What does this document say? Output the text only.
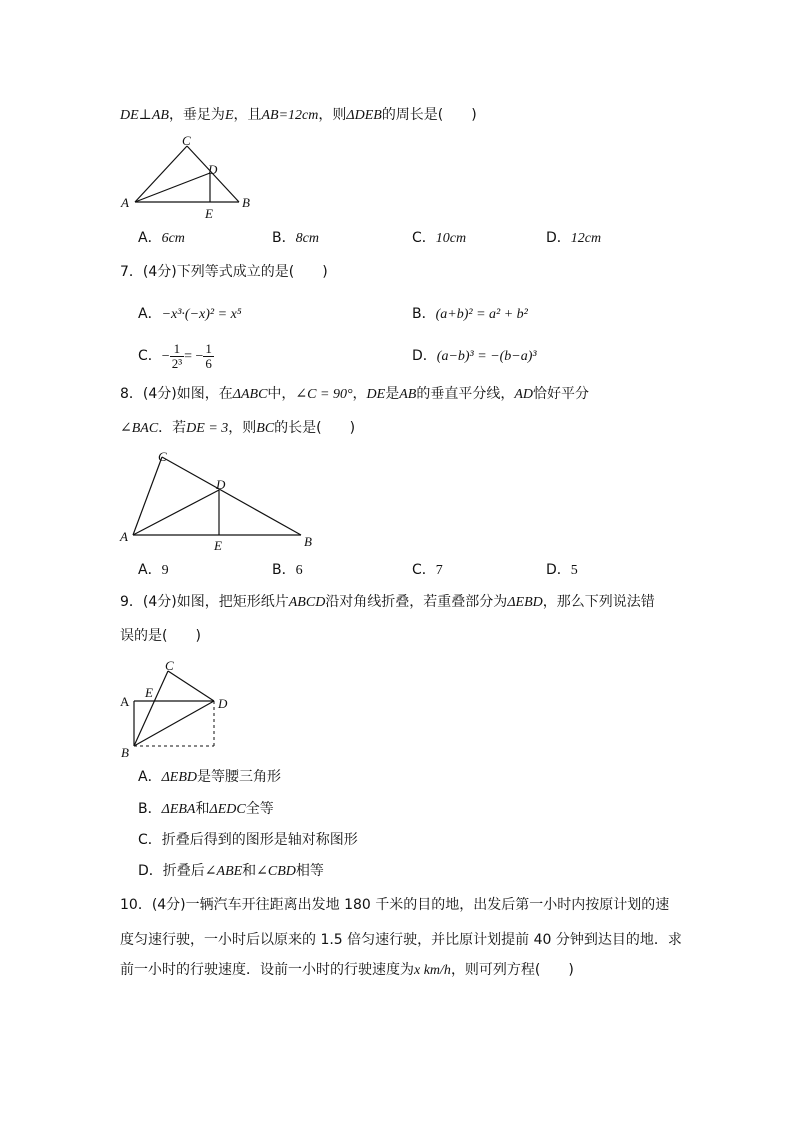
DE⊥AB，垂足为E，且AB=12cm，则ΔDEB的周长是(　　)
A	B
C
D
E
A．6cm	B．8cm	C．10cm	D．12cm
7．(4分)下列等式成立的是(　　)
A．−x³·(−x)² = x⁵	B．(a+b)² = a² + b²
C．− $\frac{1}{\text{2³}}$ = − $\frac{1}{6}$	D．(a−b)³ = −(b−a)³
8．(4分)如图，在ΔABC中，∠C = 90°，DE是AB的垂直平分线，AD恰好平分
∠BAC．若DE = 3，则BC的长是(　　)
A	B
C
D
E
A．9	B．6	C．7	D．5
9．(4分)如图，把矩形纸片ABCD沿对角线折叠，若重叠部分为ΔEBD，那么下列说法错
误的是(　　)
A
B
C
D
E
A．ΔEBD是等腰三角形
B．ΔEBA和ΔEDC全等
C．折叠后得到的图形是轴对称图形
D．折叠后∠ABE和∠CBD相等
10．(4分)一辆汽车开往距离出发地 180 千米的目的地，出发后第一小时内按原计划的速
度匀速行驶，一小时后以原来的 1.5 倍匀速行驶，并比原计划提前 40 分钟到达目的地．求
前一小时的行驶速度．设前一小时的行驶速度为x km/h，则可列方程(　　)
